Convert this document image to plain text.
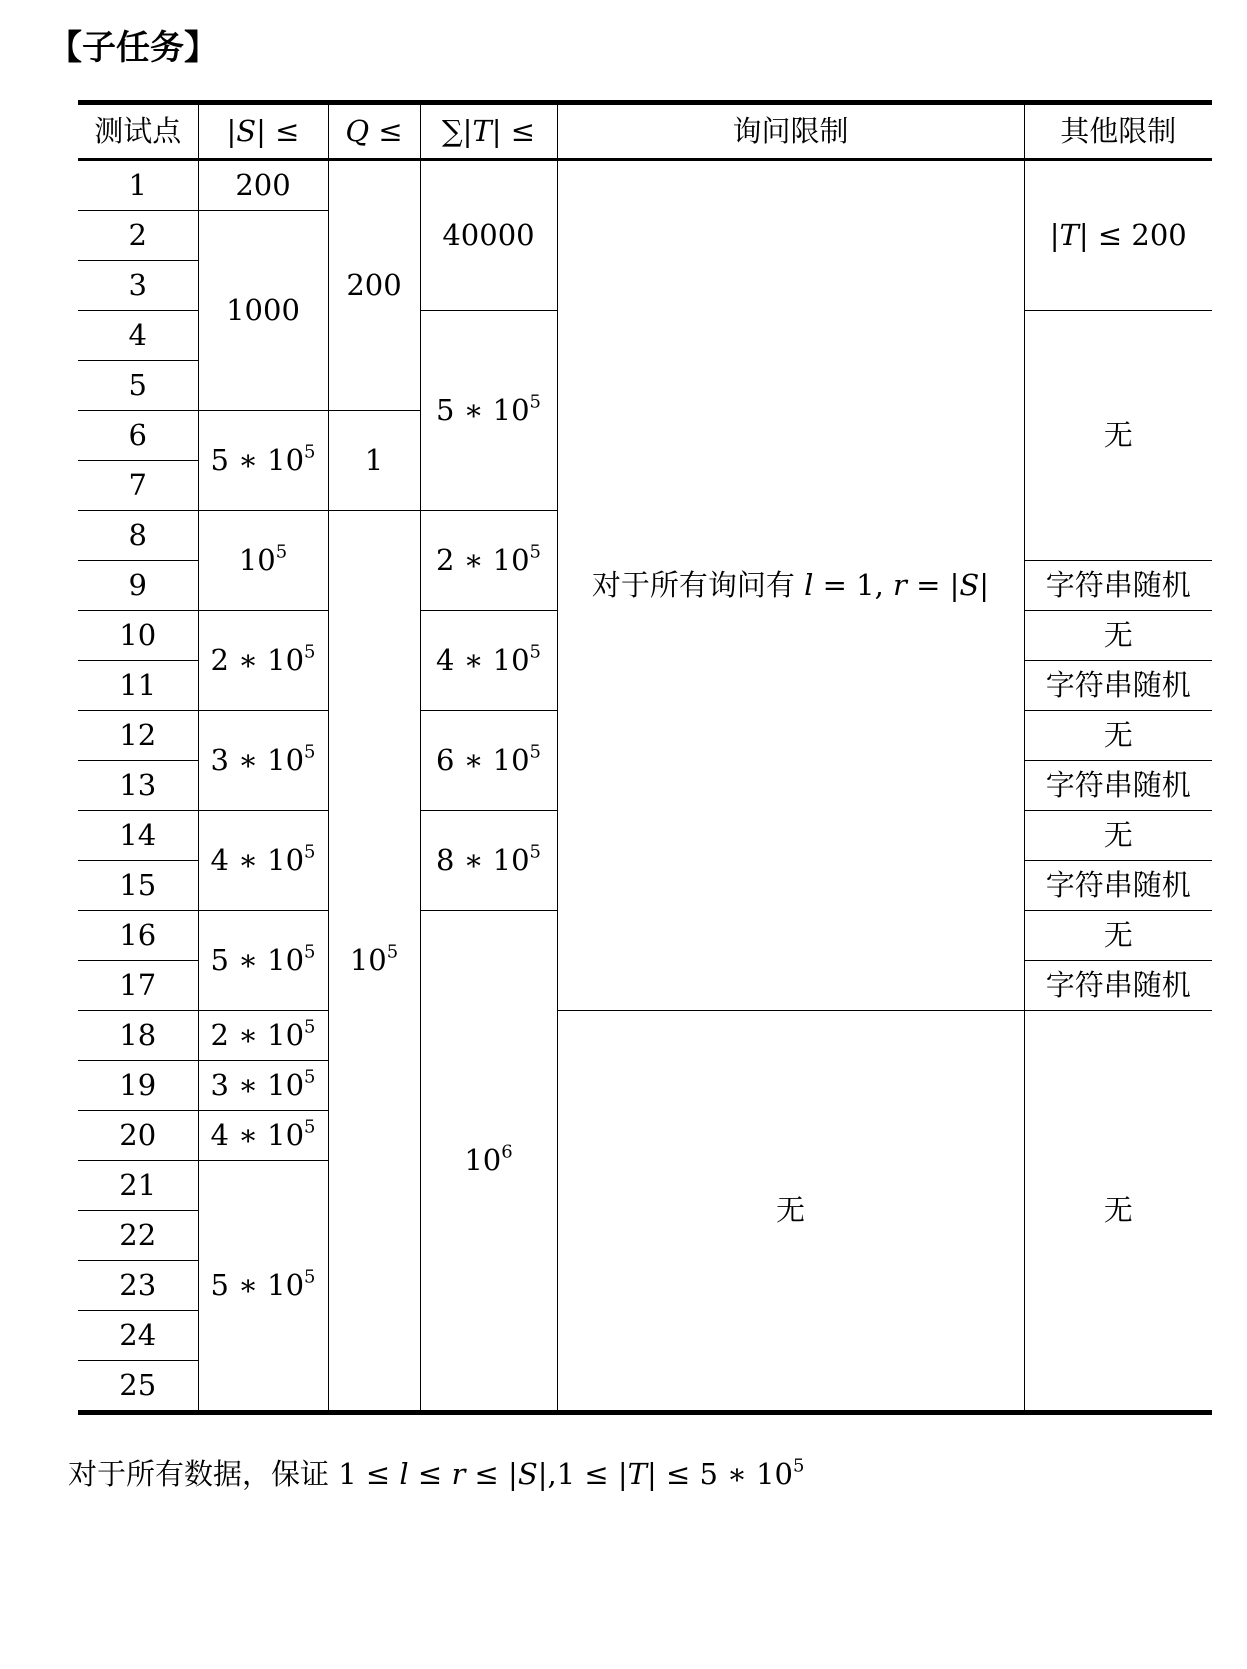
【子任务】
测试点	|S| ≤	Q ≤	∑|T| ≤	询问限制	其他限制
1	200	200	40000	对于所有询问有 l = 1, r = |S|	|T| ≤ 200
2	1000				
3					
4			5 ∗ $10^5$		无
5					
6	5 ∗ $10^5$	1			
7					
8	$10^5$	$10^5$	2 ∗ $10^5$
9					字符串随机
10	2 ∗ $10^5$		4 ∗ $10^5$		无
11					字符串随机
12	3 ∗ $10^5$		6 ∗ $10^5$		无
13					字符串随机
14	4 ∗ $10^5$		8 ∗ $10^5$		无
15					字符串随机
16	5 ∗ $10^5$		$10^6$		无
17					字符串随机
18	2 ∗ $10^5$			无	无
19	3 ∗ $10^5$
20	4 ∗ $10^5$
21	5 ∗ $10^5$
22					
23					
24					
25					

对于所有数据，保证 1 ≤ l ≤ r ≤ |S|,1 ≤ |T| ≤ 5 ∗ $10^5$
